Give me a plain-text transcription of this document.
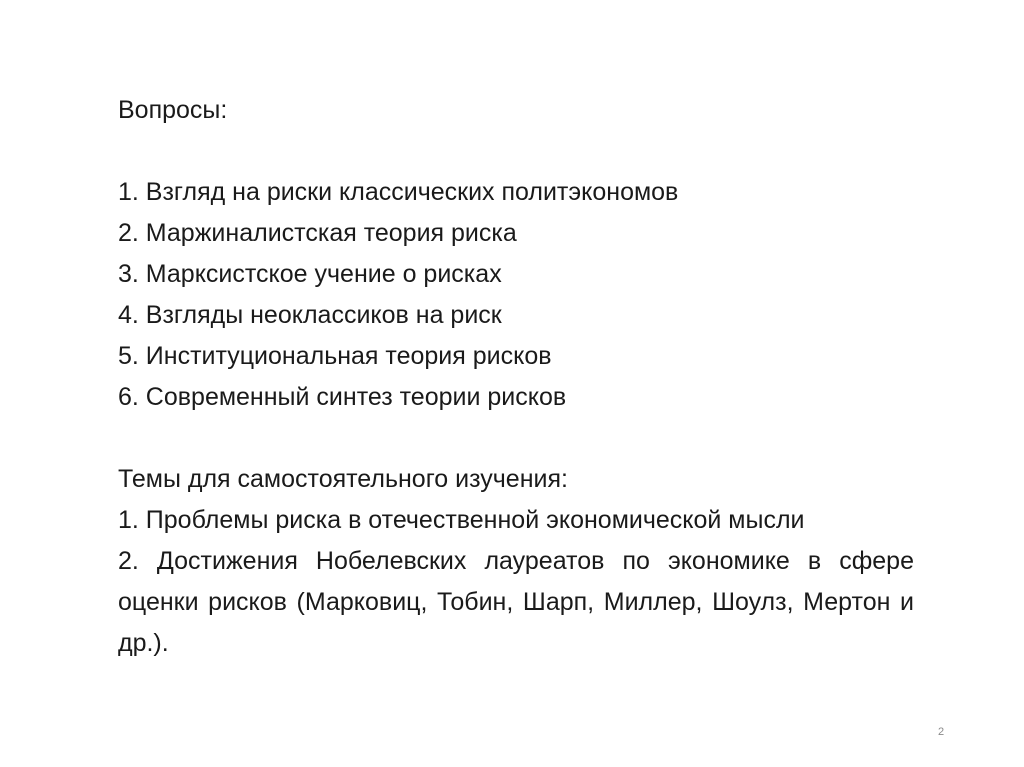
Вопросы:

1. Взгляд на риски классических политэкономов
2. Маржиналистская теория риска
3. Марксистское учение о рисках
4. Взгляды неоклассиков на риск
5. Институциональная теория рисков
6. Современный синтез теории рисков

Темы для самостоятельного изучения:

1. Проблемы риска в отечественной экономической мысли
2. Достижения Нобелевских лауреатов по экономике в сфере оценки рисков (Марковиц, Тобин, Шарп, Миллер, Шоулз, Мертон и др.).
2
